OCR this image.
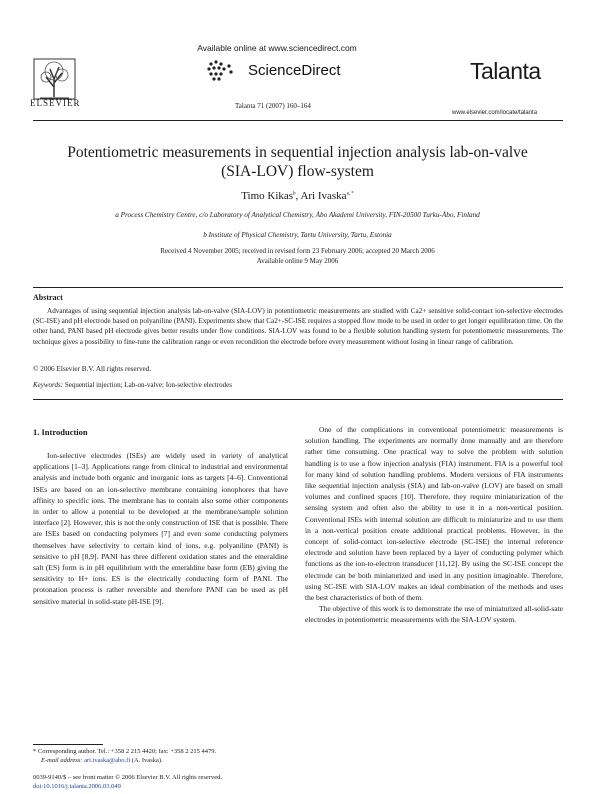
Available online at www.sciencedirect.com
ScienceDirect
ELSEVIER
Talanta
Talanta 71 (2007) 160–164
www.elsevier.com/locate/talanta
Potentiometric measurements in sequential injection analysis lab-on-valve (SIA-LOV) flow-system
Timo Kikas$^b$, Ari Ivaska$^{a, *}$
a Process Chemistry Centre, c/o Laboratory of Analytical Chemistry, Åbo Akademi University, FIN-20500 Turku-Åbo, Finland
b Institute of Physical Chemistry, Tartu University, Tartu, Estonia
Received 4 November 2005; received in revised form 23 February 2006; accepted 20 March 2006
Available online 9 May 2006
Abstract
Advantages of using sequential injection analysis lab-on-valve (SIA-LOV) in potentiometric measurements are studied with Ca2+ sensitive solid-contact ion-selective electrodes (SC-ISE) and pH electrode based on polyaniline (PANI). Experiments show that Ca2+-SC-ISE requires a stopped flow mode to be used in order to get longer equilibration time. On the other hand, PANI based pH electrode gives better results under flow conditions. SIA-LOV was found to be a flexible solution handling system for potentiometric measurements. The technique gives a possibility to fine-tune the calibration range or even recondition the electrode before every measurement without losing in linear range of calibration.
© 2006 Elsevier B.V. All rights reserved.
Keywords: Sequential injection; Lab-on-valve; Ion-selective electrodes
1. Introduction
Ion-selective electrodes (ISEs) are widely used in variety of analytical applications [1–3]. Applications range from clinical to industrial and environmental analysis and include both organic and inorganic ions as targets [4–6]. Conventional ISEs are based on an ion-selective membrane containing ionophores that have affinity to specific ions. The membrane has to contain also some other components in order to allow a potential to be developed at the membrane/sample solution interface [2]. However, this is not the only construction of ISE that is possible. There are ISEs based on conducting polymers [7] and even some conducting polymers themselves have selectivity to certain kind of ions, e.g. polyaniline (PANI) is sensitive to pH [8,9]. PANI has three different oxidation states and the emeraldine salt (ES) form is in pH equilibrium with the emeraldine base form (EB) giving the sensitivity to H+ ions. ES is the electrically conducting form of PANI. The protonation process is rather reversible and therefore PANI can be used as pH sensitive material in solid-state pH-ISE [9].

One of the complications in conventional potentiometric measurements is solution handling. The experiments are normally done manually and are therefore rather time consuming. One practical way to solve the problem with solution handling is to use a flow injection analysis (FIA) instrument. FIA is a powerful tool for many kind of solution handling problems. Modern versions of FIA instruments like sequential injection analysis (SIA) and lab-on-valve (LOV) are based on small volumes and confined spaces [10]. Therefore, they require miniaturization of the sensing system and often also the ability to use it in a non-vertical position. Conventional ISEs with internal solution are difficult to miniaturize and to use them in a non-vertical position create additional practical problems. However, in the concept of solid-contact ion-selective electrode (SC-ISE) the internal reference electrode and solution have been replaced by a layer of conducting polymer which functions as the ion-to-electron transducer [11,12]. By using the SC-ISE concept the electrode can be both miniaturized and used in any position imaginable. Therefore, using SC-ISE with SIA-LOV makes an ideal combination of the methods and uses the best characteristics of both of them.

The objective of this work is to demonstrate the use of miniaturized all-solid-sate electrodes in potentiometric measurements with the SIA-LOV system.

* Corresponding author. Tel.: +358 2 215 4420; fax: +358 2 215 4479.
E-mail address: ari.ivaska@abo.fi (A. Ivaska).
0039-9140/$ – see front matter © 2006 Elsevier B.V. All rights reserved.
doi:10.1016/j.talanta.2006.03.049
